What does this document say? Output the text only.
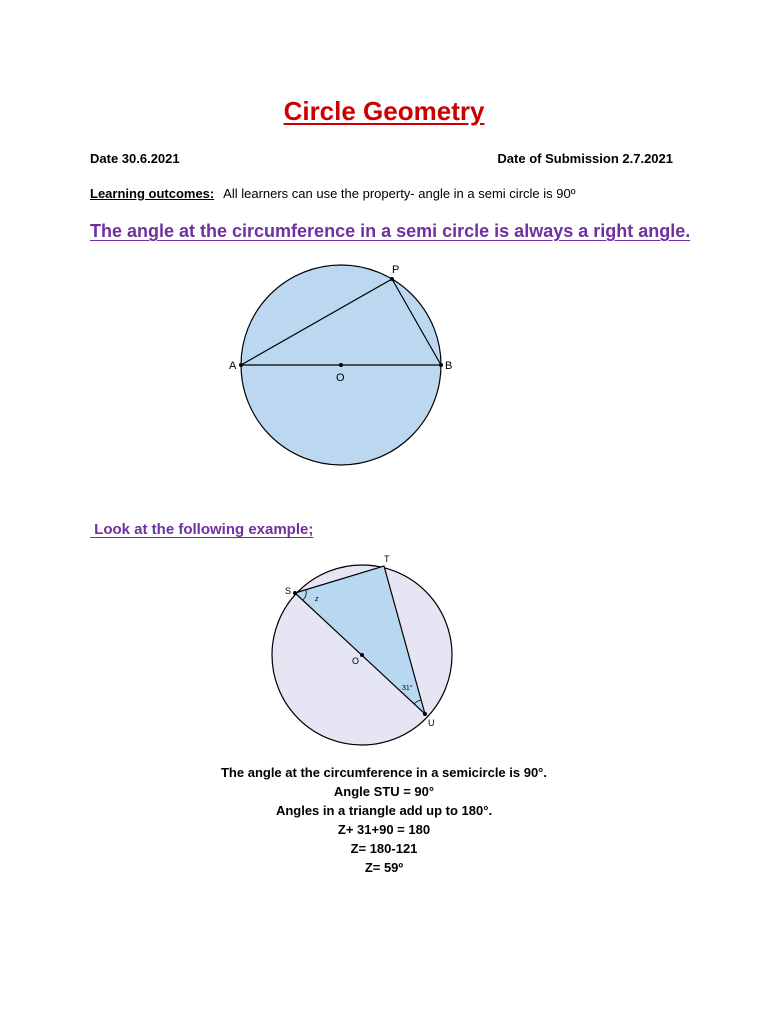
Circle Geometry
Date 30.6.2021	Date of Submission 2.7.2021
Learning outcomes: All learners can use the property- angle in a semi circle is 90º
The angle at the circumference in a semi circle is always a right angle.
P
A	B
O
S
T
U
O
z
31°
Look at the following example;
The angle at the circumference in a semicircle is 90°.
Angle STU = 90°
Angles in a triangle add up to 180°.
Z+ 31+90 = 180
Z= 180-121
Z= 59º
